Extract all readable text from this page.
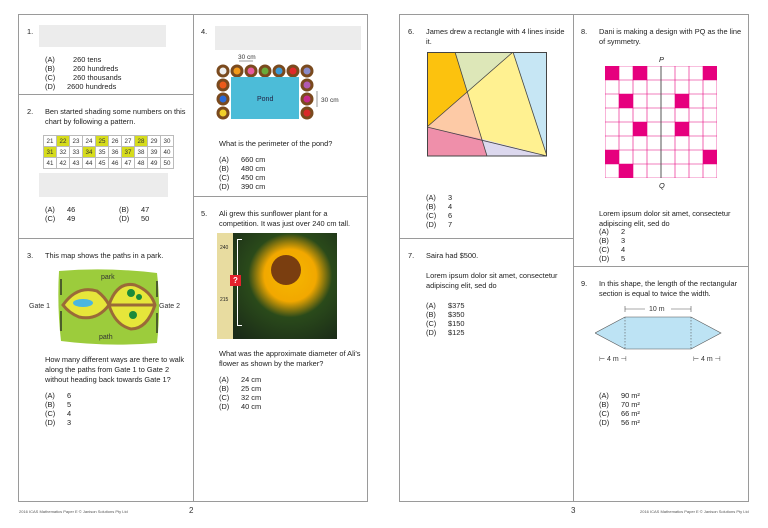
1.
(A)	260 tens
(B)	260 hundreds
(C)	260 thousands
(D)	2600 hundreds
2. Ben started shading some numbers on this chart by following a pattern.
21	22	23	24	25	26	27	28	29	30
31	32	33	34	35	36	37	38	39	40
41	42	43	44	45	46	47	48	49	50
(A)	46	(B)	47
(C)	49	(D)	50
3. This map shows the paths in a park.
park
path
Gate 1	Gate 2
How many different ways are there to walk along the paths from Gate 1 to Gate 2 without heading back towards Gate 1?
(A)	6
(B)	5
(C)	4
(D)	3
4.
30 cm
Pond	30 cm
What is the perimeter of the pond?
(A)	660 cm
(B)	480 cm
(C)	450 cm
(D)	390 cm
5. Ali grew this sunflower plant for a competition. It was just over 240 cm tall.
240
215
?
What was the approximate diameter of Ali's flower as shown by the marker?
(A)	24 cm
(B)	25 cm
(C)	32 cm
(D)	40 cm
2016 ICAS Mathematics Paper E © Janison Solutions Pty Ltd	2
6. James drew a rectangle with 4 lines inside it.
(A)	3
(B)	4
(C)	6
(D)	7
7. Saira had $500.
Lorem ipsum dolor sit amet, consectetur adipiscing elit, sed do
(A)	$375
(B)	$350
(C)	$150
(D)	$125
8. Dani is making a design with PQ as the line of symmetry.
P
Q
Lorem ipsum dolor sit amet, consectetur adipiscing elit, sed do
(A)	2
(B)	3
(C)	4
(D)	5
9. In this shape, the length of the rectangular section is equal to twice the width.
10 m
⊢ 4 m ⊣	⊢ 4 m ⊣
(A)	90 m²
(B)	70 m²
(C)	66 m²
(D)	56 m²
3	2016 ICAS Mathematics Paper E © Janison Solutions Pty Ltd
